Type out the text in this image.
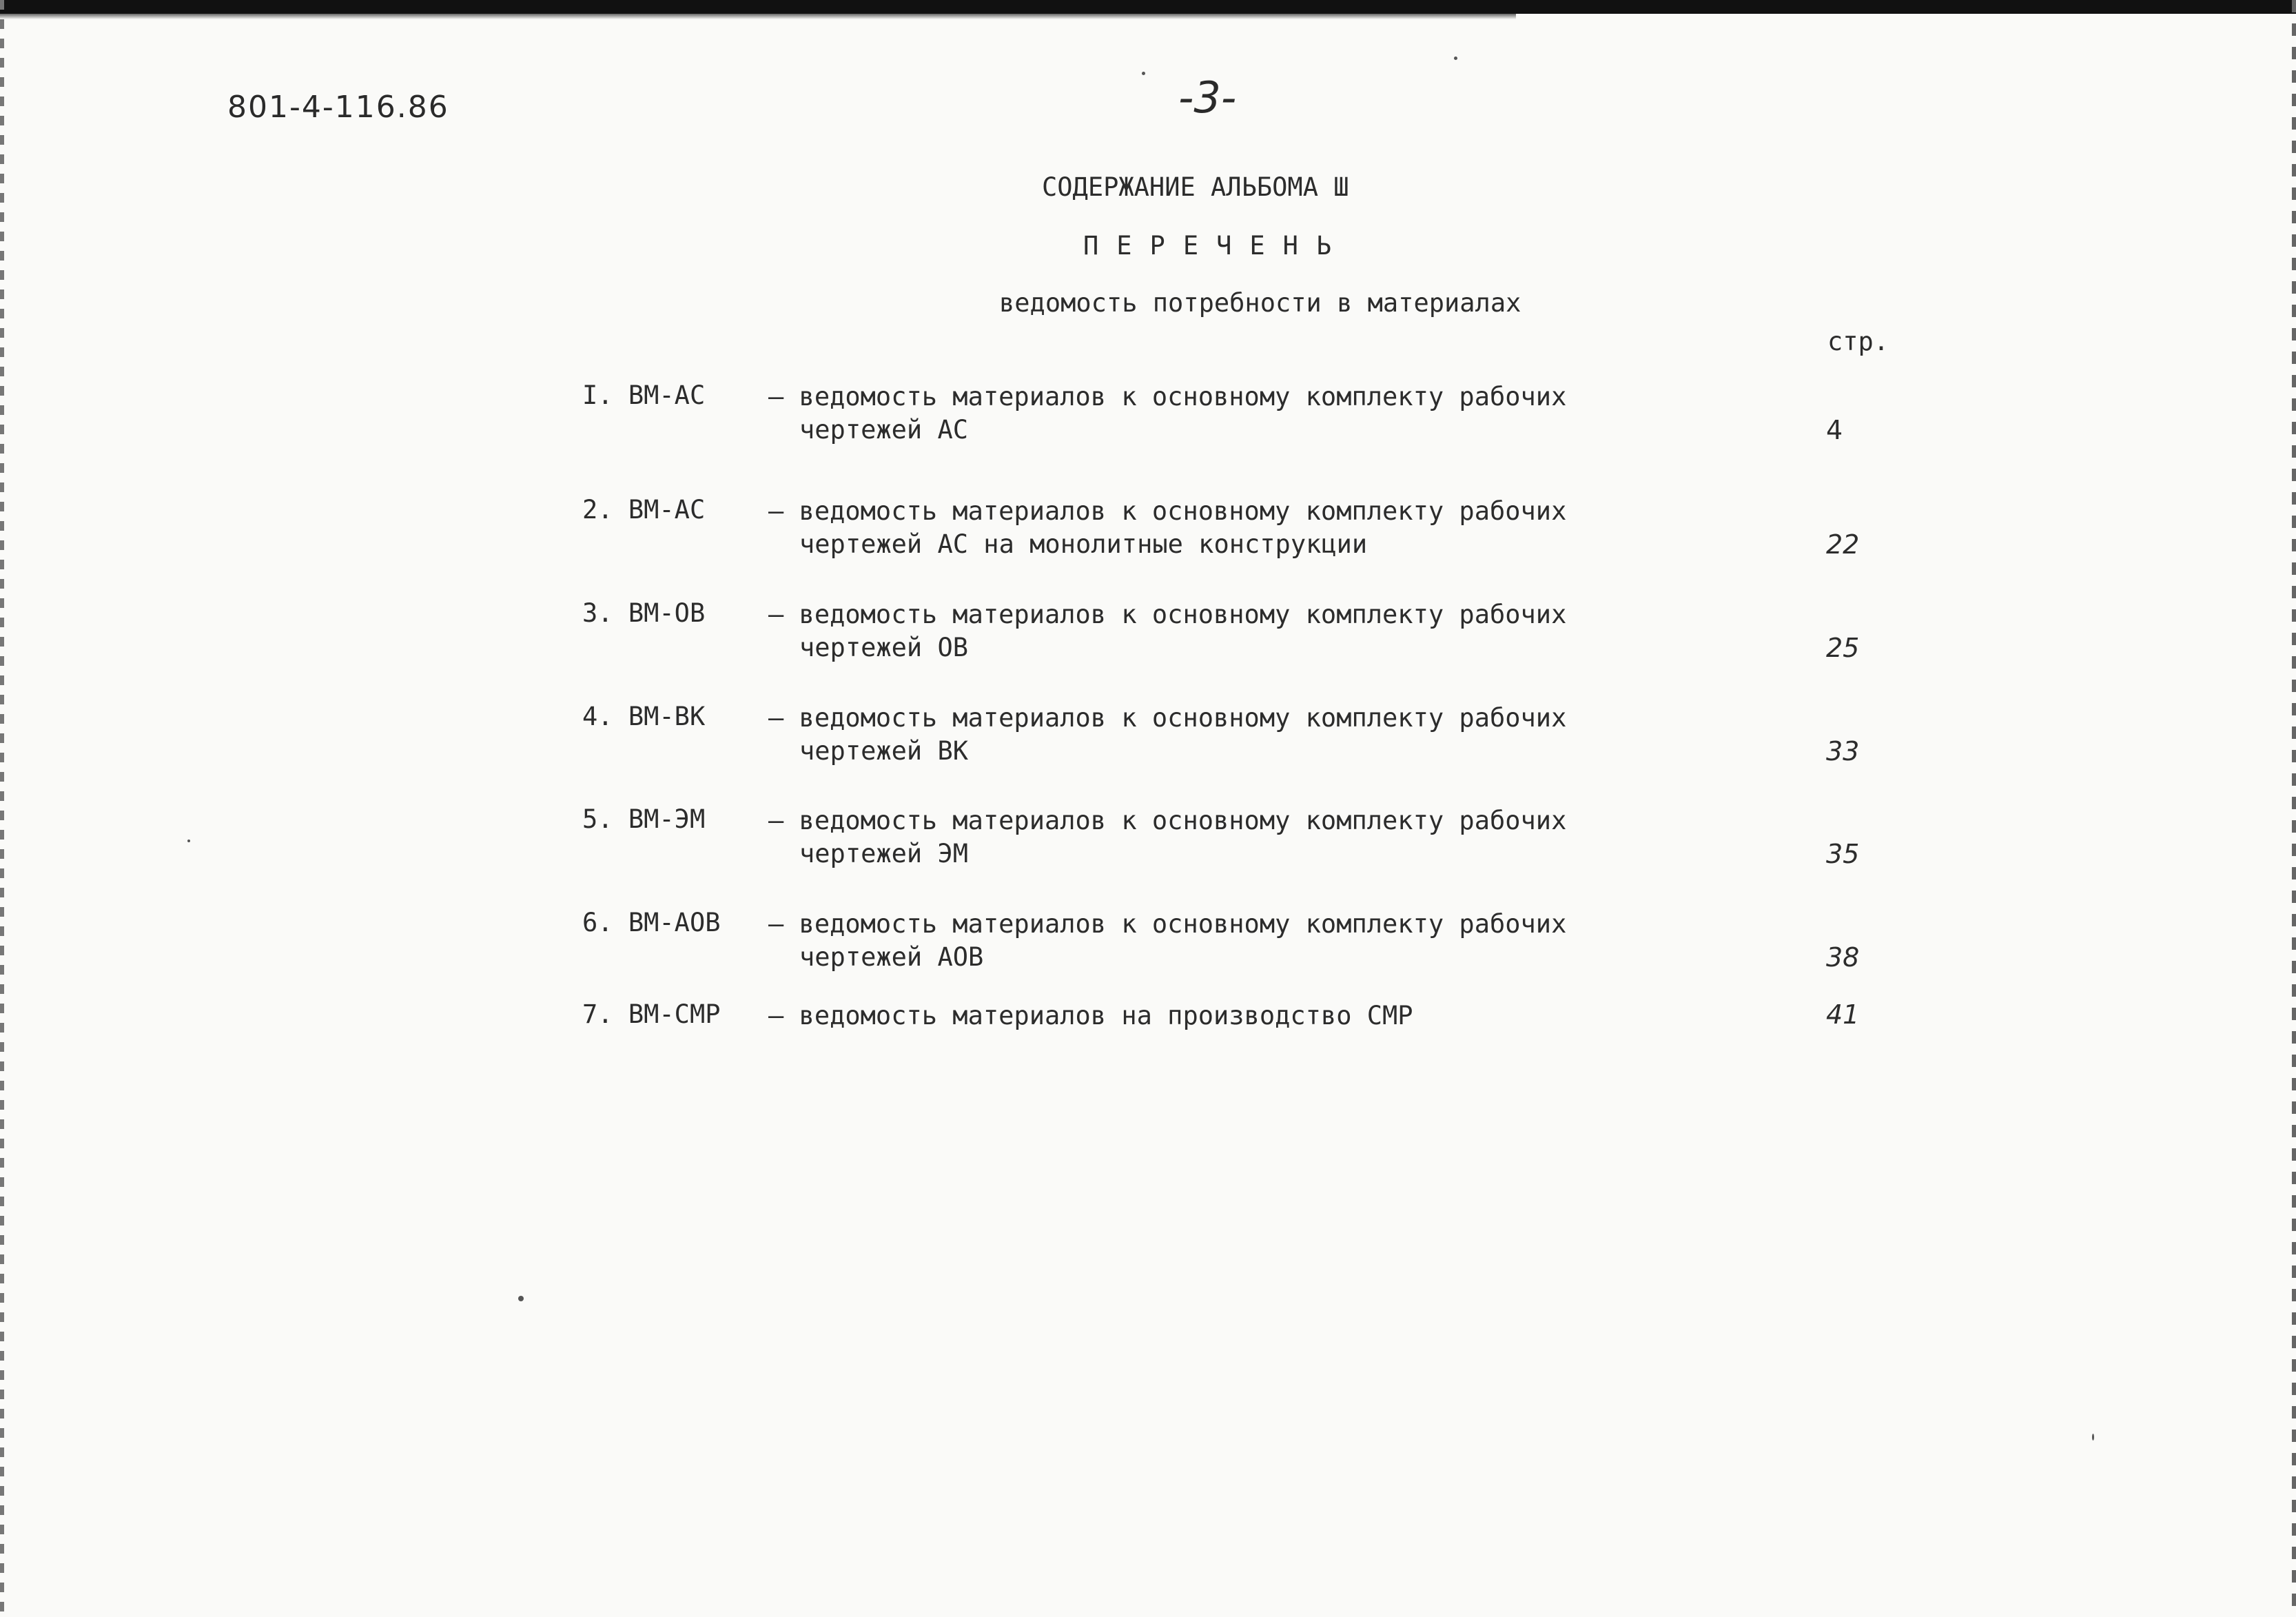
801-4-116.86	-3-
СОДЕРЖАНИЕ АЛЬБОМА Ш
ПЕРЕЧЕНЬ
ведомость потребности в материалах
стр.
I. ВМ-АС – ведомость материалов к основному комплекту рабочих
чертежей АС	4
2. ВМ-АС – ведомость материалов к основному комплекту рабочих
чертежей АС на монолитные конструкции	22
3. ВМ-ОВ – ведомость материалов к основному комплекту рабочих
чертежей ОВ	25
4. ВМ-ВК – ведомость материалов к основному комплекту рабочих
чертежей ВК	33
5. ВМ-ЭМ – ведомость материалов к основному комплекту рабочих
чертежей ЭМ	35
6. ВМ-АОВ – ведомость материалов к основному комплекту рабочих
чертежей АОВ	38
7. ВМ-СМР – ведомость материалов на производство СМР	41
